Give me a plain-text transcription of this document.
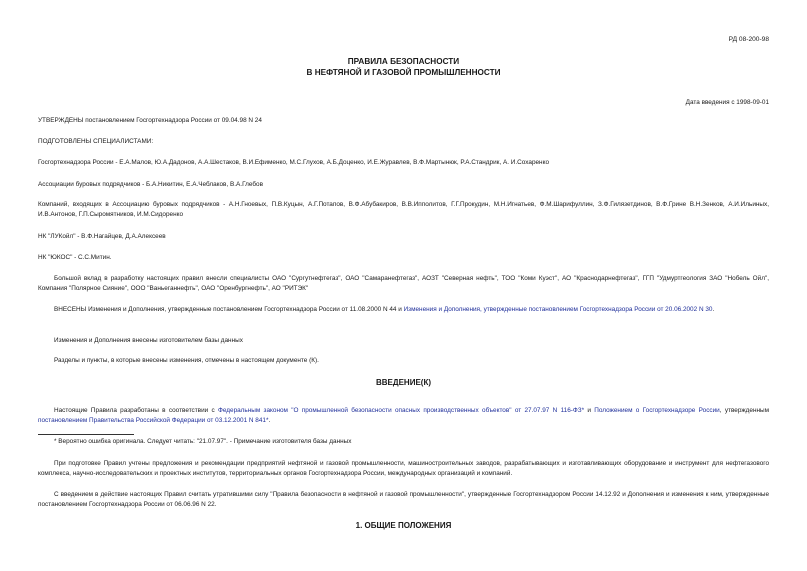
РД 08-200-98
ПРАВИЛА БЕЗОПАСНОСТИ
В НЕФТЯНОЙ И ГАЗОВОЙ ПРОМЫШЛЕННОСТИ
Дата введения с 1998-09-01
УТВЕРЖДЕНЫ постановлением Госгортехнадзора России от 09.04.98 N 24
ПОДГОТОВЛЕНЫ СПЕЦИАЛИСТАМИ:
Госгортехнадзора России - Е.А.Малов, Ю.А.Дадонов, А.А.Шестаков, В.И.Ефименко, М.С.Глухов, А.Б.Доценко, И.Е.Журавлев, В.Ф.Мартынюк, Р.А.Стандрик, А. И.Сохаренко
Ассоциации буровых подрядчиков - Б.А.Никитин, Е.А.Чеблаков, В.А.Глебов
Компаний, входящих в Ассоциацию буровых подрядчиков - А.Н.Гноевых, П.В.Куцын, А.Г.Потапов, В.Ф.Абубакиров, В.В.Ипполитов, Г.Г.Прокудин, М.Н.Игнатьев, Ф.М.Шарифуллин, З.Ф.Гилязетдинов, В.Ф.Грине В.Н.Зенков, А.И.Ильиных, И.В.Антонов, Г.П.Сыромятников, И.М.Сидоренко
НК "ЛУКойл" - В.Ф.Нагайцев, Д.А.Алексеев
НК "ЮКОС" - С.С.Митин.
Большой вклад в разработку настоящих правил внесли специалисты ОАО "Сургутнефтегаз", ОАО "Самаранефтегаз", АОЗТ "Северная нефть", ТОО "Коми Куэст", АО "Краснодарнефтегаз", ГГП "Удмуртгеология ЗАО "Нобель Ойл", Компания "Полярное Сияние", ООО "Ваньеганнефть", ОАО "Оренбургнефть", АО "РИТЭК"
ВНЕСЕНЫ Изменения и Дополнения, утвержденные постановлением Госгортехнадзора России от 11.08.2000 N 44 и Изменения и Дополнения, утвержденные постановлением Госгортехнадзора России от 20.06.2002 N 30.
Изменения и Дополнения внесены изготовителем базы данных
Разделы и пункты, в которые внесены изменения, отмечены в настоящем документе (К).
ВВЕДЕНИЕ(К)
Настоящие Правила разработаны в соответствии с Федеральным законом "О промышленной безопасности опасных производственных объектов" от 27.07.97 N 116-ФЗ* и Положением о Госгортехнадзоре России, утвержденным постановлением Правительства Российской Федерации от 03.12.2001 N 841*.
* Вероятно ошибка оригинала. Следует читать: "21.07.97". - Примечание изготовителя базы данных
При подготовке Правил учтены предложения и рекомендации предприятий нефтяной и газовой промышленности, машиностроительных заводов, разрабатывающих и изготавливающих оборудование и инструмент для нефтегазового комплекса, научно-исследовательских и проектных институтов, территориальных органов Госгортехнадзора России, международных организаций и компаний.
С введением в действие настоящих Правил считать утратившими силу "Правила безопасности в нефтяной и газовой промышленности", утвержденные Госгортехнадзором России 14.12.92 и Дополнения и изменения к ним, утвержденные постановлением Госгортехнадзора России от 06.06.96 N 22.
1. ОБЩИЕ ПОЛОЖЕНИЯ
